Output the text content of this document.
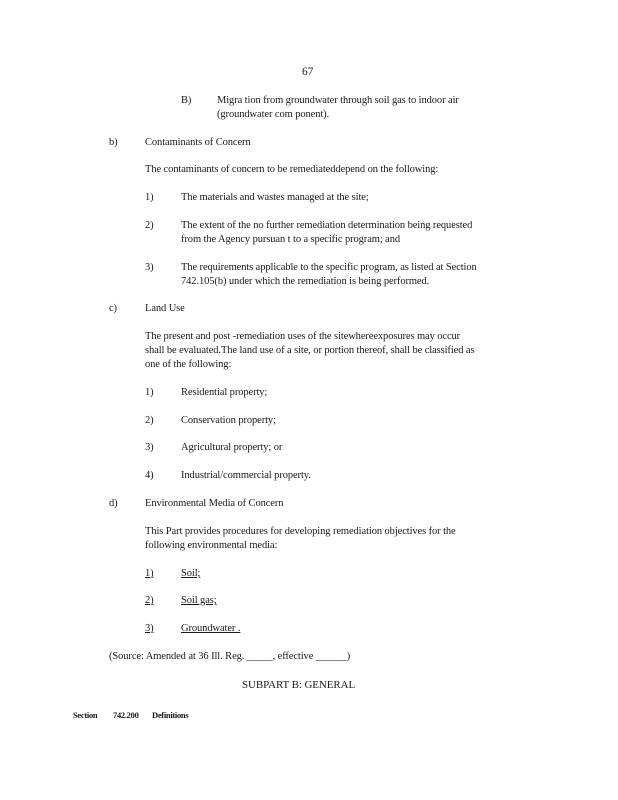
67
B) Migra tion from groundwater through soil gas to indoor air
(groundwater com ponent).
b)	Contaminants of Concern
The contaminants of concern to be remediateddepend on the following:
1)	The materials and wastes managed at the site;
2)	The extent of the no further remediation determination being requested
from the Agency pursuan t to a specific program; and
3)	The requirements applicable to the specific program, as listed at Section
742.105(b) under which the remediation is being performed.
c)	Land Use
The present and post -remediation uses of the sitewhereexposures may occur
shall be evaluated.The land use of a site, or portion thereof, shall be classified as
one of the following:
1)	Residential property;
2)	Conservation property;
3)	Agricultural property; or
4)	Industrial/commercial property.
d)	Environmental Media of Concern
This Part provides procedures for developing remediation objectives for the
following environmental media:
1)	Soil;
2)	Soil gas;
3)	Groundwater .
(Source: Amended at 36 Ill. Reg. _____, effective ______)
SUBPART B: GENERAL
Section 742.200 Definitions
